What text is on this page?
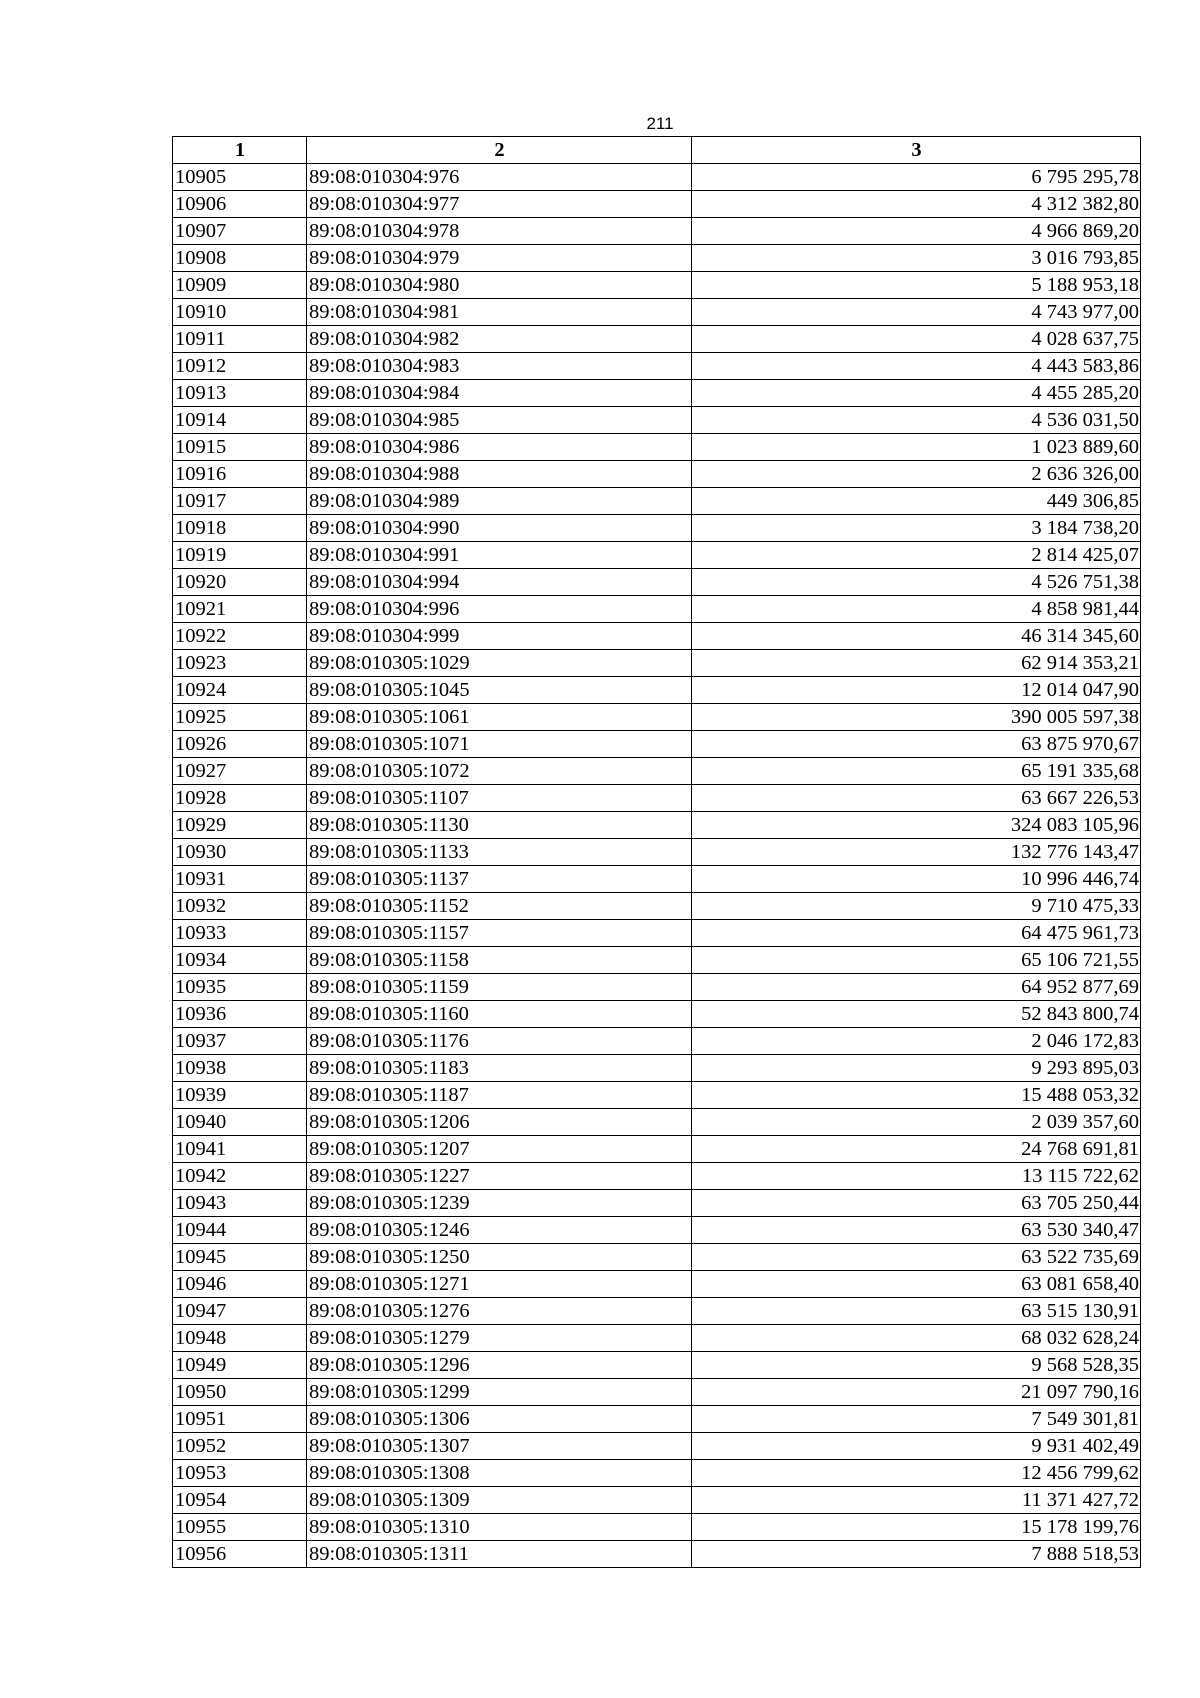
211
1	2	3
10905	89:08:010304:976	6 795 295,78
10906	89:08:010304:977	4 312 382,80
10907	89:08:010304:978	4 966 869,20
10908	89:08:010304:979	3 016 793,85
10909	89:08:010304:980	5 188 953,18
10910	89:08:010304:981	4 743 977,00
10911	89:08:010304:982	4 028 637,75
10912	89:08:010304:983	4 443 583,86
10913	89:08:010304:984	4 455 285,20
10914	89:08:010304:985	4 536 031,50
10915	89:08:010304:986	1 023 889,60
10916	89:08:010304:988	2 636 326,00
10917	89:08:010304:989	449 306,85
10918	89:08:010304:990	3 184 738,20
10919	89:08:010304:991	2 814 425,07
10920	89:08:010304:994	4 526 751,38
10921	89:08:010304:996	4 858 981,44
10922	89:08:010304:999	46 314 345,60
10923	89:08:010305:1029	62 914 353,21
10924	89:08:010305:1045	12 014 047,90
10925	89:08:010305:1061	390 005 597,38
10926	89:08:010305:1071	63 875 970,67
10927	89:08:010305:1072	65 191 335,68
10928	89:08:010305:1107	63 667 226,53
10929	89:08:010305:1130	324 083 105,96
10930	89:08:010305:1133	132 776 143,47
10931	89:08:010305:1137	10 996 446,74
10932	89:08:010305:1152	9 710 475,33
10933	89:08:010305:1157	64 475 961,73
10934	89:08:010305:1158	65 106 721,55
10935	89:08:010305:1159	64 952 877,69
10936	89:08:010305:1160	52 843 800,74
10937	89:08:010305:1176	2 046 172,83
10938	89:08:010305:1183	9 293 895,03
10939	89:08:010305:1187	15 488 053,32
10940	89:08:010305:1206	2 039 357,60
10941	89:08:010305:1207	24 768 691,81
10942	89:08:010305:1227	13 115 722,62
10943	89:08:010305:1239	63 705 250,44
10944	89:08:010305:1246	63 530 340,47
10945	89:08:010305:1250	63 522 735,69
10946	89:08:010305:1271	63 081 658,40
10947	89:08:010305:1276	63 515 130,91
10948	89:08:010305:1279	68 032 628,24
10949	89:08:010305:1296	9 568 528,35
10950	89:08:010305:1299	21 097 790,16
10951	89:08:010305:1306	7 549 301,81
10952	89:08:010305:1307	9 931 402,49
10953	89:08:010305:1308	12 456 799,62
10954	89:08:010305:1309	11 371 427,72
10955	89:08:010305:1310	15 178 199,76
10956	89:08:010305:1311	7 888 518,53
